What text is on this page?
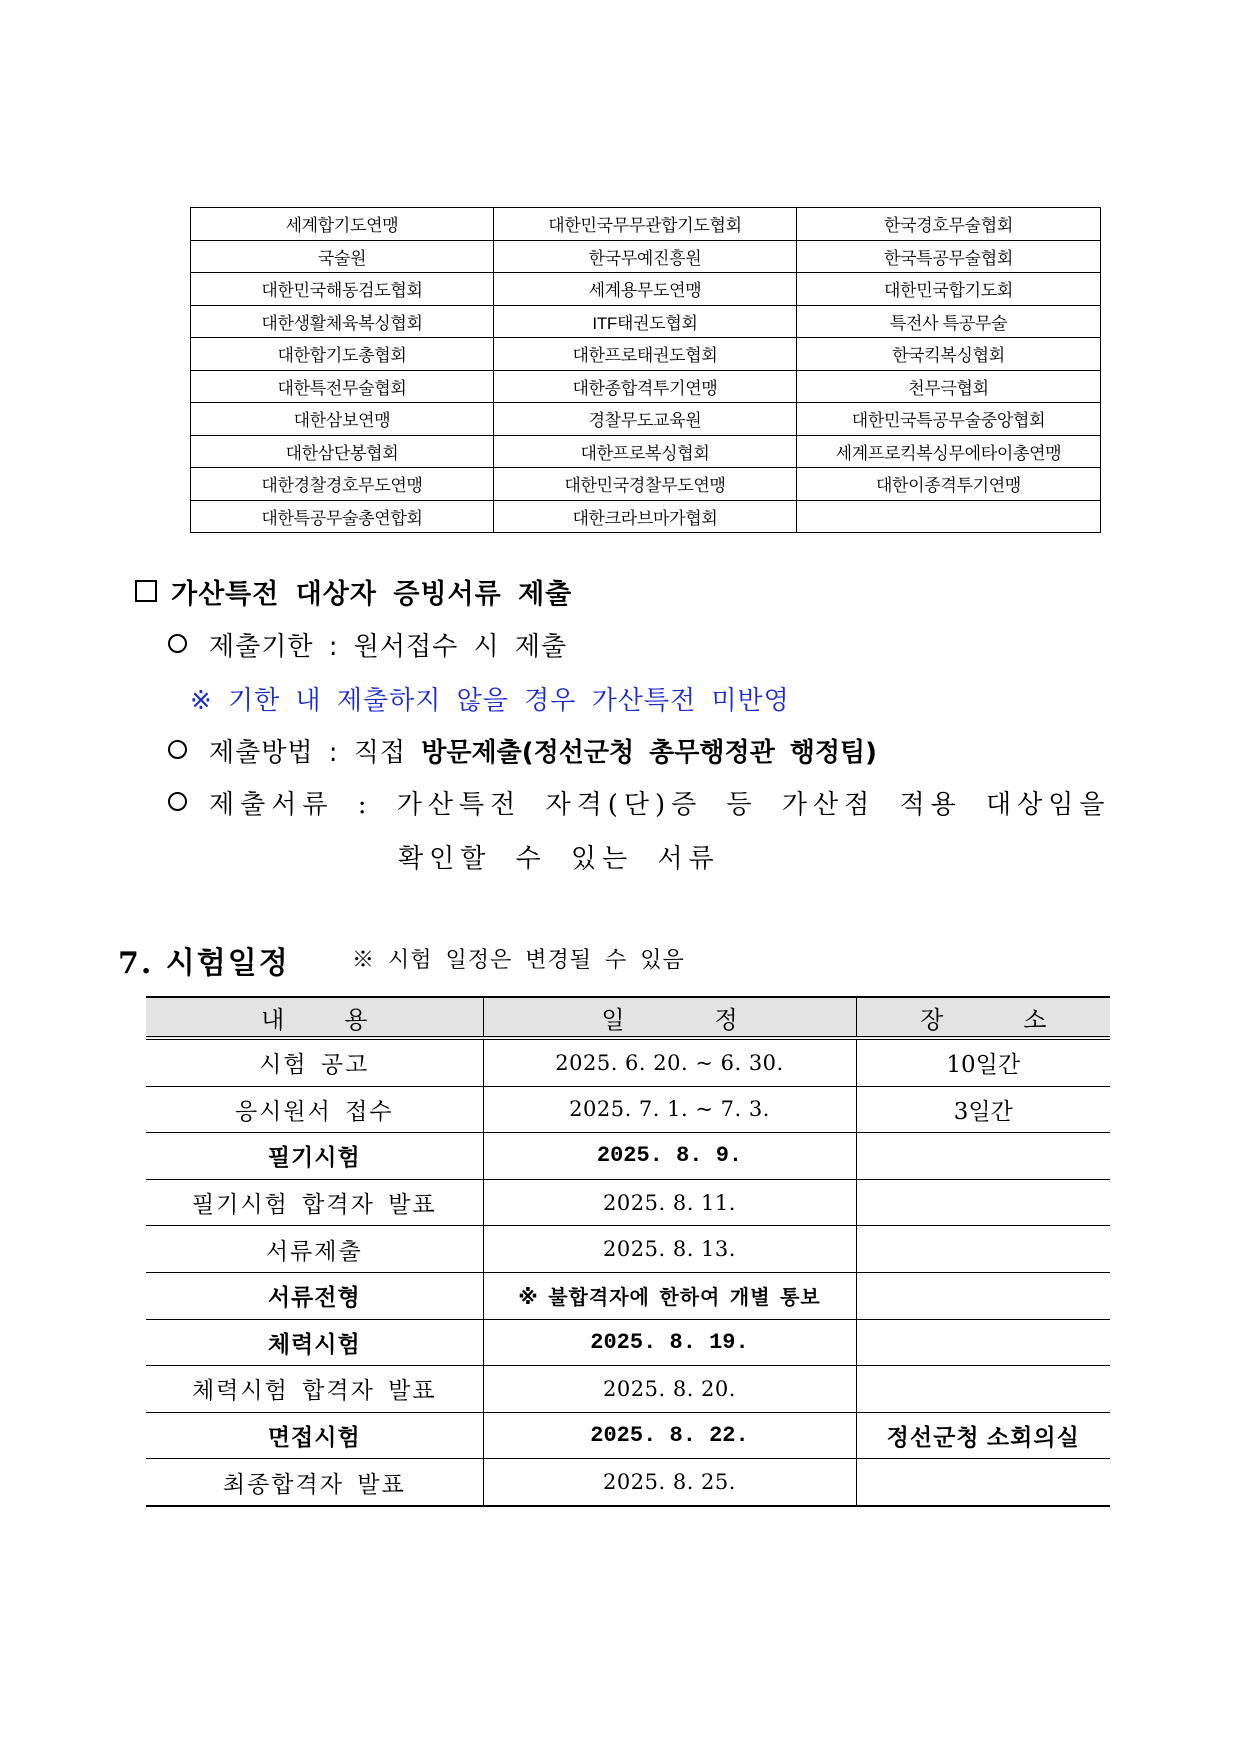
세계합기도연맹	대한민국무무관합기도협회	한국경호무술협회
국술원	한국무예진흥원	한국특공무술협회
대한민국해동검도협회	세계용무도연맹	대한민국합기도회
대한생활체육복싱협회	ITF태권도협회	특전사 특공무술
대한합기도총협회	대한프로태권도협회	한국킥복싱협회
대한특전무술협회	대한종합격투기연맹	천무극협회
대한삼보연맹	경찰무도교육원	대한민국특공무술중앙협회
대한삼단봉협회	대한프로복싱협회	세계프로킥복싱무에타이총연맹
대한경찰경호무도연맹	대한민국경찰무도연맹	대한이종격투기연맹
대한특공무술총연합회	대한크라브마가협회	
가산특전 대상자 증빙서류 제출
제출기한 : 원서접수 시 제출
※ 기한 내 제출하지 않을 경우 가산특전 미반영
제출방법 : 직접 방문제출(정선군청 총무행정관 행정팀)
제출서류 : 가산특전 자격(단)증 등 가산점 적용 대상임을
확인할 수 있는 서류
7. 시험일정	※ 시험 일정은 변경될 수 있음
내 용	일 정	장 소
시험 공고	2025. 6. 20. ~ 6. 30.	10일간
응시원서 접수	2025. 7. 1. ~ 7. 3.	3일간
필기시험	2025. 8. 9.	
필기시험 합격자 발표	2025. 8. 11.	
서류제출	2025. 8. 13.	
서류전형	※ 불합격자에 한하여 개별 통보	
체력시험	2025. 8. 19.	
체력시험 합격자 발표	2025. 8. 20.	
면접시험	2025. 8. 22.	정선군청 소회의실
최종합격자 발표	2025. 8. 25.	
